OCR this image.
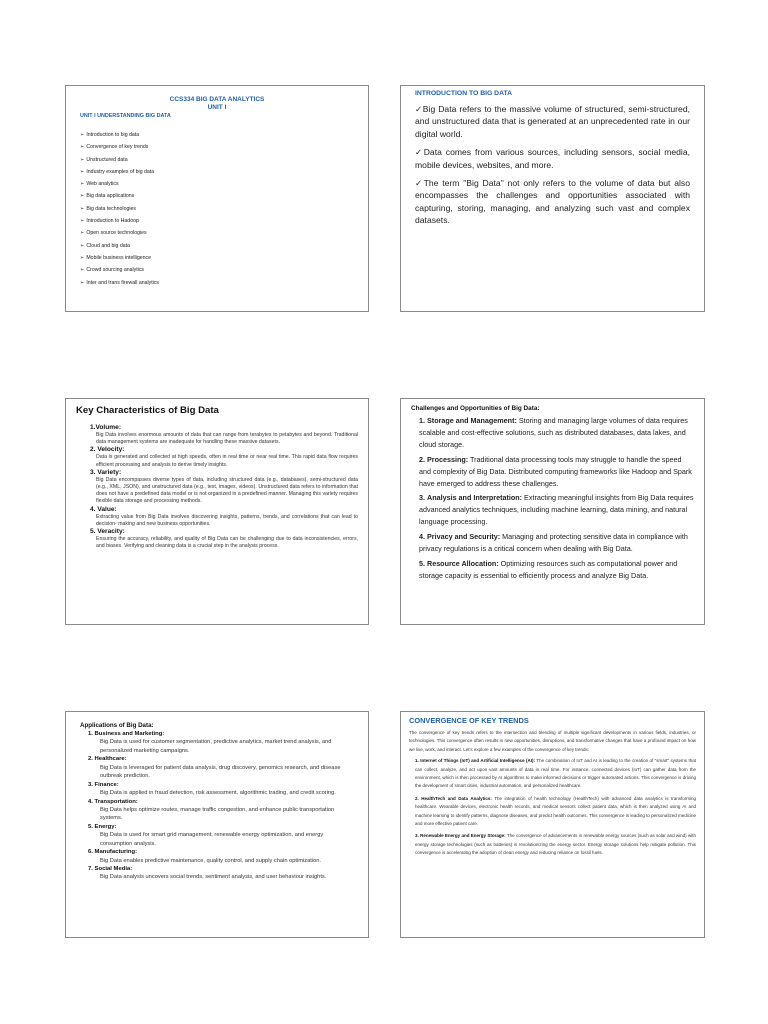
CCS334 BIG DATA ANALYTICS
UNIT I
UNIT I UNDERSTANDING BIG DATA
➢ Introduction to big data
➢ Convergence of key trends
➢ Unstructured data
➢ Industry examples of big data
➢ Web analytics
➢ Big data applications
➢ Big data technologies
➢ Introduction to Hadoop
➢ Open source technologies
➢ Cloud and big data
➢ Mobile business intelligence
➢ Crowd sourcing analytics
➢ Inter and trans firewall analytics
INTRODUCTION TO BIG DATA

✓Big Data refers to the massive volume of structured, semi-structured, and unstructured data that is generated at an unprecedented rate in our digital world.

✓Data comes from various sources, including sensors, social media, mobile devices, websites, and more.

✓The term "Big Data" not only refers to the volume of data but also encompasses the challenges and opportunities associated with capturing, storing, managing, and analyzing such vast and complex datasets.

Key Characteristics of Big Data
1.Volume:
Big Data involves enormous amounts of data that can range from terabytes to petabytes and beyond. Traditional data management systems are inadequate for handling these massive datasets.
2. Velocity:
Data is generated and collected at high speeds, often in real time or near real time. This rapid data flow requires efficient processing and analysis to derive timely insights.
3. Variety:
Big Data encompasses diverse types of data, including structured data (e.g., databases), semi-structured data (e.g., XML, JSON), and unstructured data (e.g., text, images, videos). Unstructured data refers to information that does not have a predefined data model or is not organized in a predefined manner. Managing this variety requires flexible data storage and processing methods.
4. Value:
Extracting value from Big Data involves discovering insights, patterns, trends, and correlations that can lead to decision- making and new business opportunities.
5. Veracity:
Ensuring the accuracy, reliability, and quality of Big Data can be challenging due to data inconsistencies, errors, and biases. Verifying and cleaning data is a crucial step in the analysis process.
Challenges and Opportunities of Big Data:
1. Storage and Management: Storing and managing large volumes of data requires scalable and cost-effective solutions, such as distributed databases, data lakes, and cloud storage.
2. Processing: Traditional data processing tools may struggle to handle the speed and complexity of Big Data. Distributed computing frameworks like Hadoop and Spark have emerged to address these challenges.
3. Analysis and Interpretation: Extracting meaningful insights from Big Data requires advanced analytics techniques, including machine learning, data mining, and natural language processing.
4. Privacy and Security: Managing and protecting sensitive data in compliance with privacy regulations is a critical concern when dealing with Big Data.
5. Resource Allocation: Optimizing resources such as computational power and storage capacity is essential to efficiently process and analyze Big Data.
Applications of Big Data:
1. Business and Marketing:
Big Data is used for customer segmentation, predictive analytics, market trend analysis, and personalized marketing campaigns.
2. Healthcare:
Big Data is leveraged for patient data analysis, drug discovery, genomics research, and disease outbreak prediction.
3. Finance:
Big Data is applied in fraud detection, risk assessment, algorithmic trading, and credit scoring.
4. Transportation:
Big Data helps optimize routes, manage traffic congestion, and enhance public transportation systems.
5. Energy:
Big Data is used for smart grid management, renewable energy optimization, and energy consumption analysis.
6. Manufacturing:
Big Data enables predictive maintenance, quality control, and supply chain optimization.
7. Social Media:
Big Data analysis uncovers social trends, sentiment analysis, and user behaviour insights.
CONVERGENCE OF KEY TRENDS

The convergence of key trends refers to the intersection and blending of multiple significant developments in various fields, industries, or technologies. This convergence often results in new opportunities, disruptions, and transformative changes that have a profound impact on how we live, work, and interact. Let's explore a few examples of the convergence of key trends:

1. Internet of Things (IoT) and Artificial Intelligence (AI): The combination of IoT and AI is leading to the creation of "smart" systems that can collect, analyze, and act upon vast amounts of data in real time. For instance, connected devices (IoT) can gather data from the environment, which is then processed by AI algorithms to make informed decisions or trigger automated actions. This convergence is driving the development of smart cities, industrial automation, and personalized healthcare.
2. HealthTech and Data Analytics: The integration of health technology (HealthTech) with advanced data analytics is transforming healthcare. Wearable devices, electronic health records, and medical sensors collect patient data, which is then analyzed using AI and machine learning to identify patterns, diagnose diseases, and predict health outcomes. This convergence is leading to personalized medicine and more effective patient care.
3. Renewable Energy and Energy Storage: The convergence of advancements in renewable energy sources (such as solar and wind) with energy storage technologies (such as batteries) is revolutionizing the energy sector. Energy storage solutions help mitigate pollution. This convergence is accelerating the adoption of clean energy and reducing reliance on fossil fuels.
